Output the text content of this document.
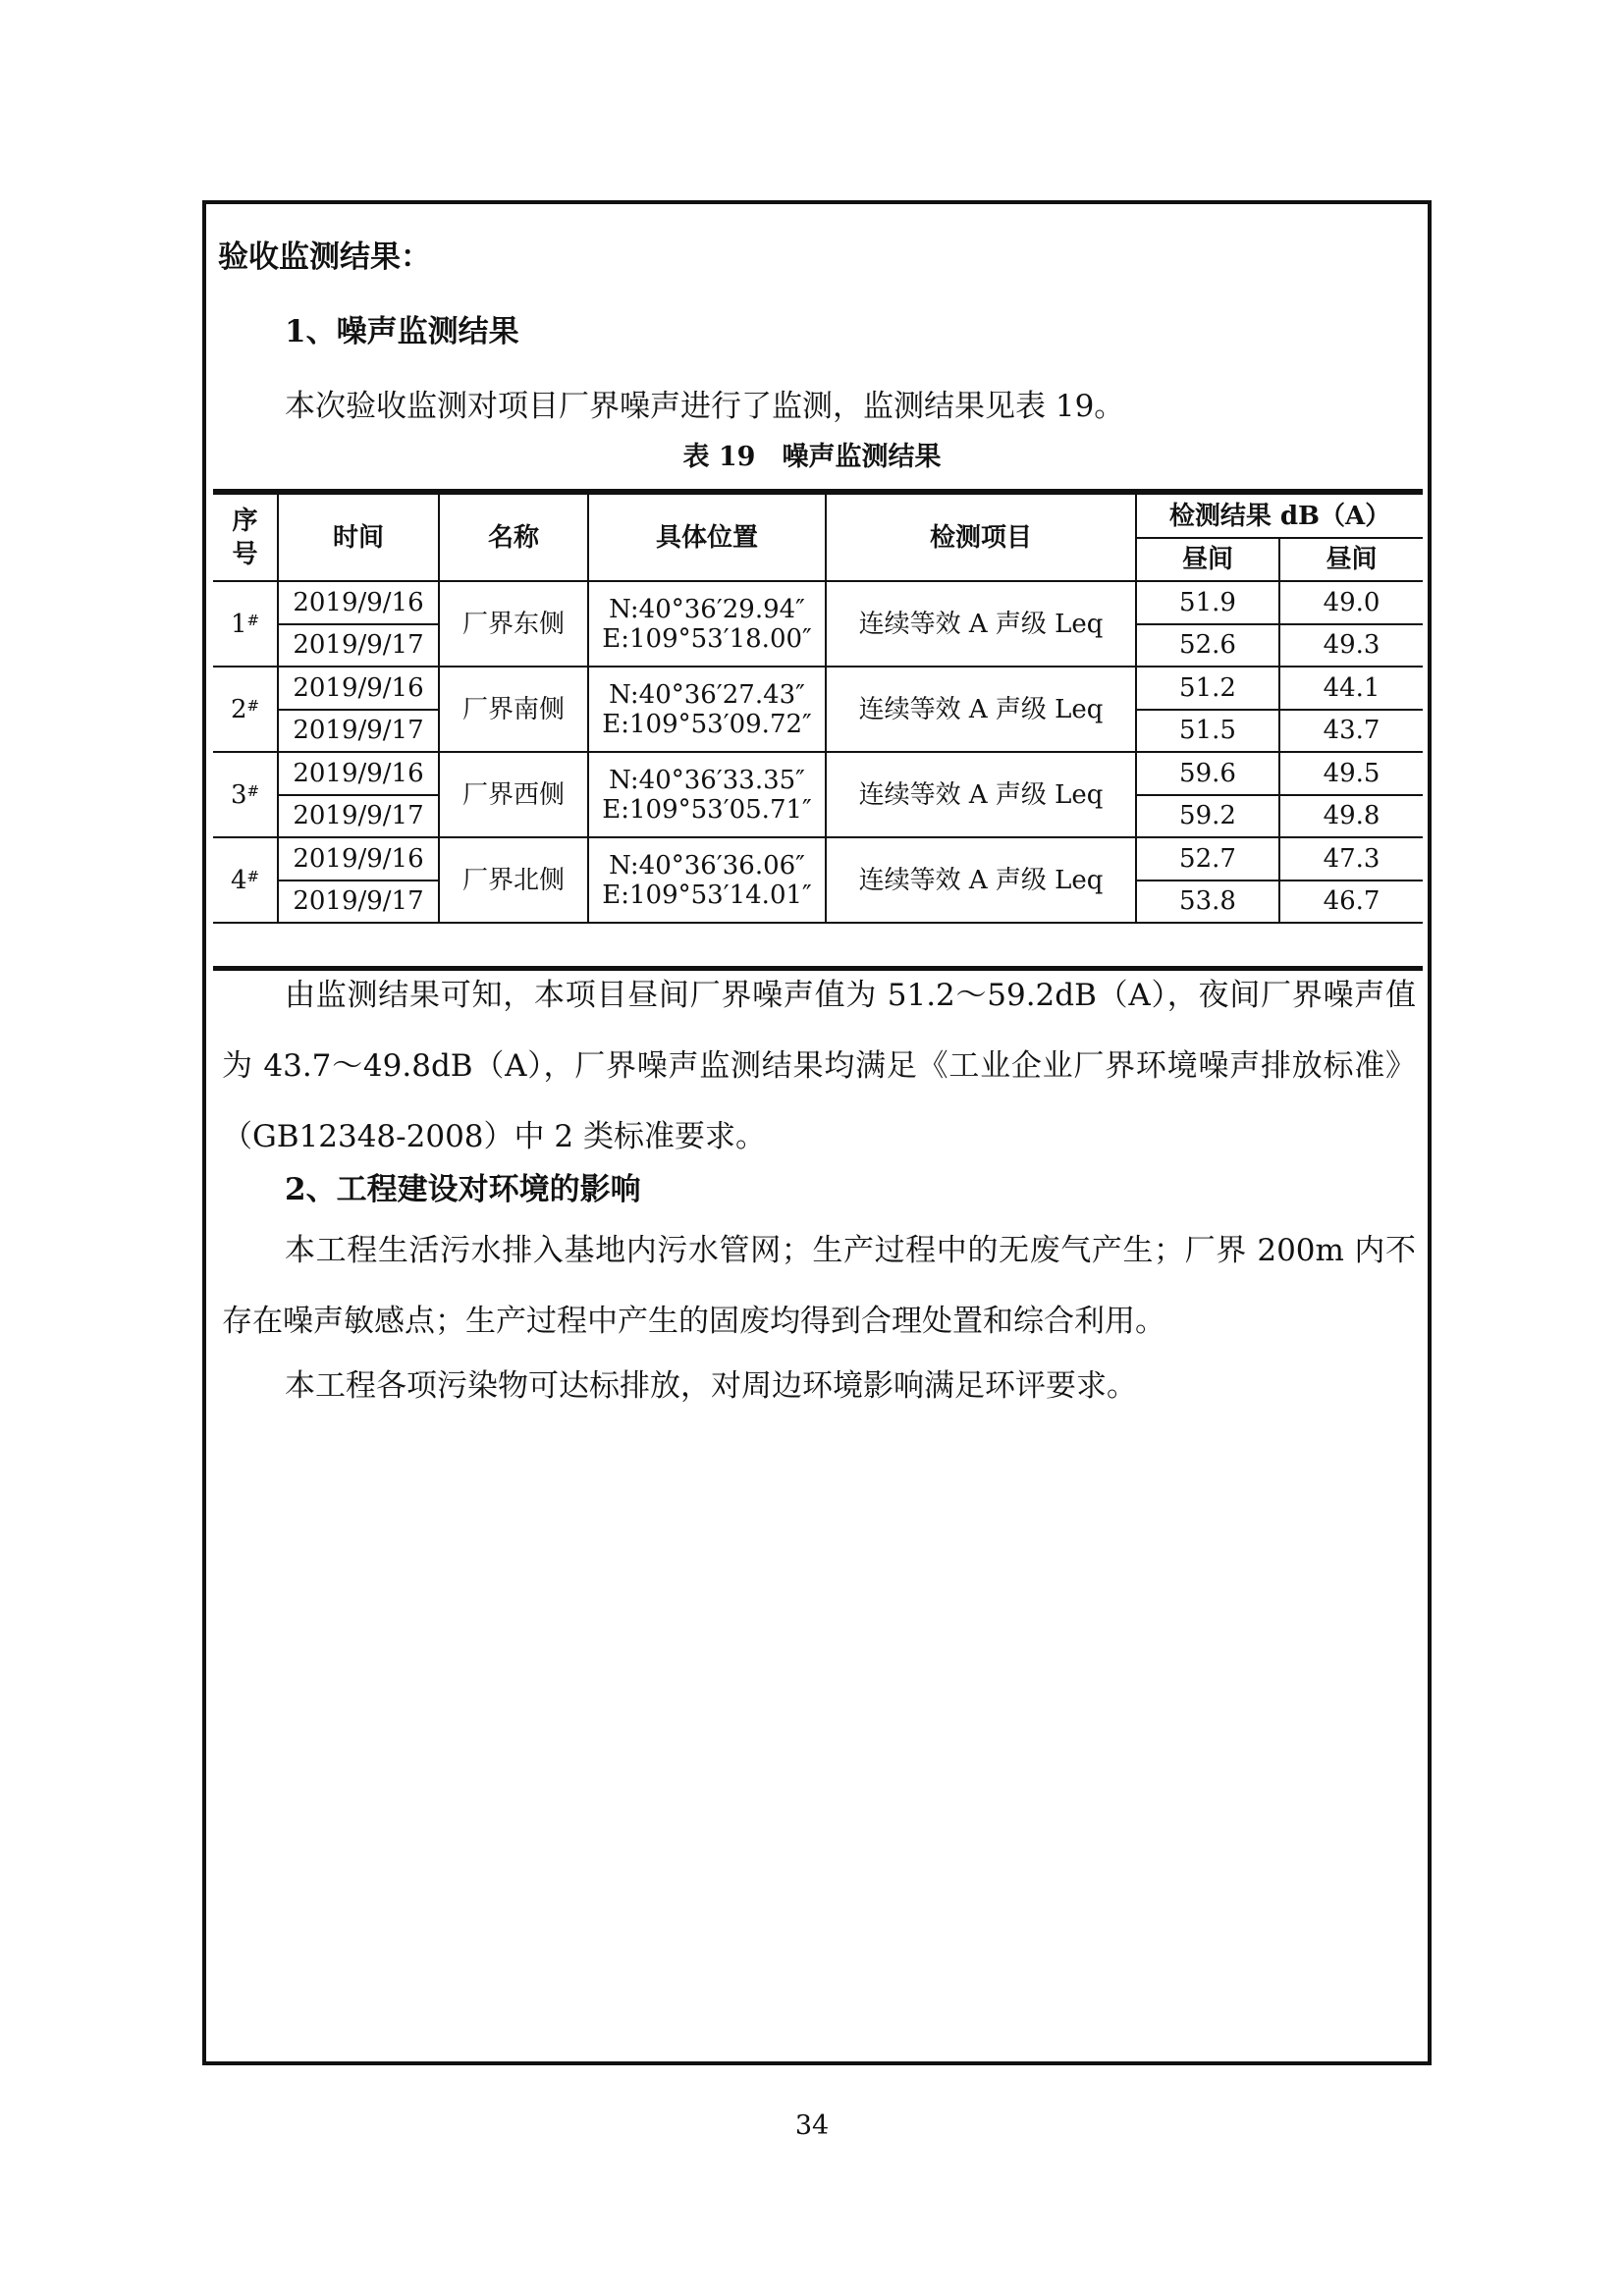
验收监测结果：
1、噪声监测结果
本次验收监测对项目厂界噪声进行了监测，监测结果见表 19。
表 19　噪声监测结果
序号	时间	名称	具体位置	检测项目	检测结果 dB（A）	
					昼间	昼间
1#	2019/9/16	厂界东侧	N:40°36′29.94″
E:109°53′18.00″	连续等效 A 声级 Leq	51.9	49.0
	2019/9/17				52.6	49.3
2#	2019/9/16	厂界南侧	N:40°36′27.43″
E:109°53′09.72″	连续等效 A 声级 Leq	51.2	44.1
	2019/9/17				51.5	43.7
3#	2019/9/16	厂界西侧	N:40°36′33.35″
E:109°53′05.71″	连续等效 A 声级 Leq	59.6	49.5
	2019/9/17				59.2	49.8
4#	2019/9/16	厂界北侧	N:40°36′36.06″
E:109°53′14.01″	连续等效 A 声级 Leq	52.7	47.3
	2019/9/17				53.8	46.7
由监测结果可知，本项目昼间厂界噪声值为 51.2～59.2dB（A），夜间厂界噪声值为 43.7～49.8dB（A），厂界噪声监测结果均满足《工业企业厂界环境噪声排放标准》（GB12348-2008）中 2 类标准要求。
2、工程建设对环境的影响
本工程生活污水排入基地内污水管网；生产过程中的无废气产生；厂界 200m 内不存在噪声敏感点；生产过程中产生的固废均得到合理处置和综合利用。
本工程各项污染物可达标排放，对周边环境影响满足环评要求。
34
